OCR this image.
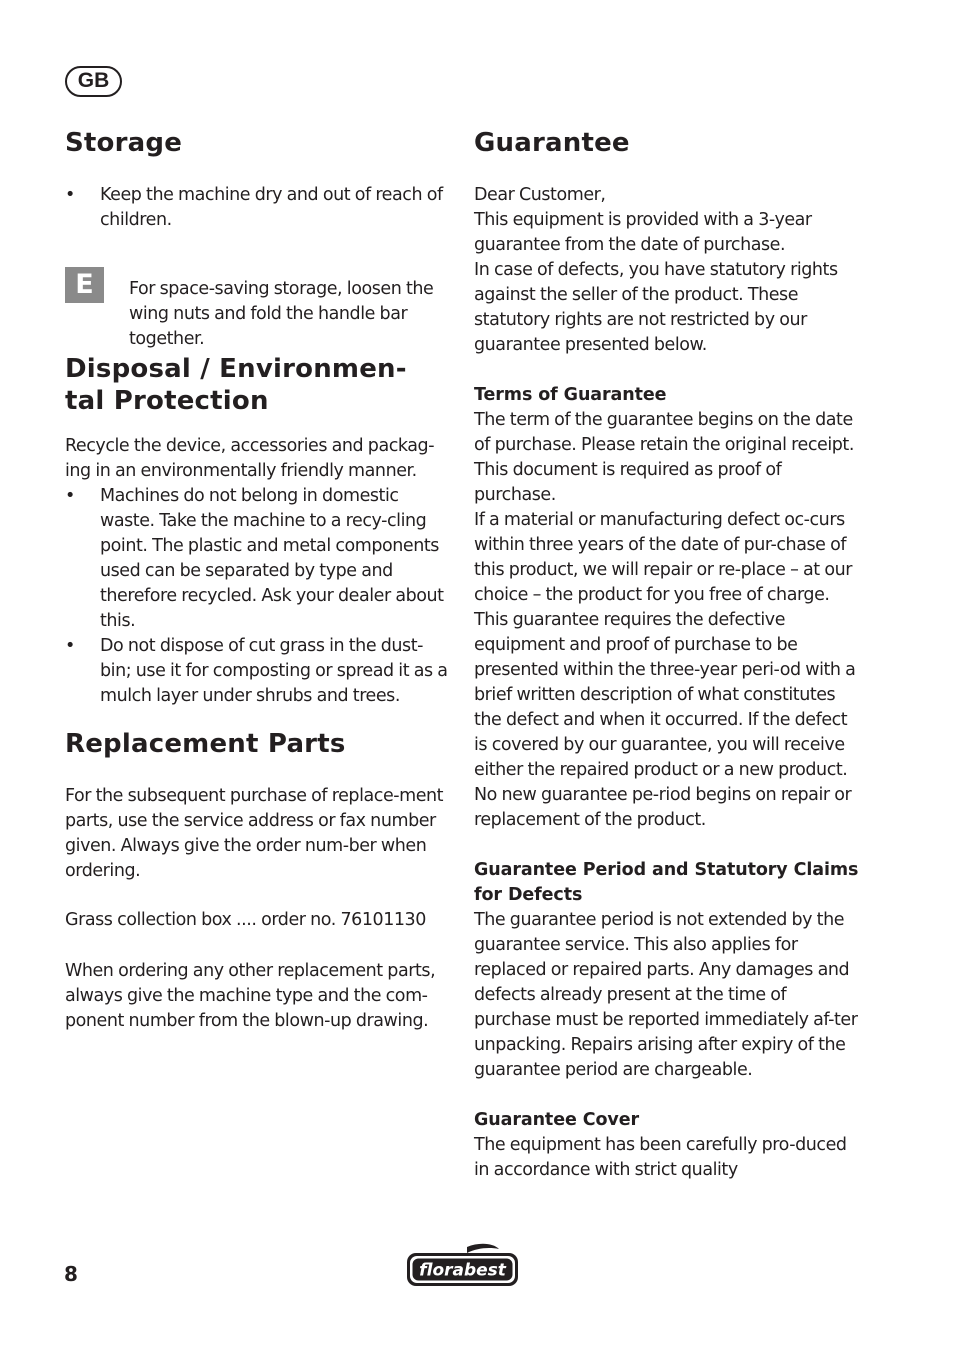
GB
Storage
• Keep the machine dry and out of reach of children.
E	For space-saving storage, loosen the wing nuts and fold the handle bar together.

Disposal / Environmen-
tal Protection

Recycle the device, accessories and packag-ing in an environmentally friendly manner.

• Machines do not belong in domestic waste. Take the machine to a recy-cling point. The plastic and metal components used can be separated by type and therefore recycled. Ask your dealer about this.
• Do not dispose of cut grass in the dust-bin; use it for composting or spread it as a mulch layer under shrubs and trees.
Replacement Parts

For the subsequent purchase of replace-ment parts, use the service address or fax number given. Always give the order num-ber when ordering.

Grass collection box .... order no. 76101130

When ordering any other replacement parts, always give the machine type and the com-ponent number from the blown-up drawing.

Guarantee

Dear Customer,
This equipment is provided with a 3-year guarantee from the date of purchase.
In case of defects, you have statutory rights against the seller of the product. These statutory rights are not restricted by our guarantee presented below.

Terms of Guarantee

The term of the guarantee begins on the date of purchase. Please retain the original receipt. This document is required as proof of purchase.
If a material or manufacturing defect oc-curs within three years of the date of pur-chase of this product, we will repair or re-place – at our choice – the product for you free of charge. This guarantee requires the defective equipment and proof of purchase to be presented within the three-year peri-od with a brief written description of what constitutes the defect and when it occurred. If the defect is covered by our guarantee, you will receive either the repaired product or a new product. No new guarantee pe-riod begins on repair or replacement of the product.

Guarantee Period and Statutory Claims for Defects

The guarantee period is not extended by the guarantee service. This also applies for replaced or repaired parts. Any damages and defects already present at the time of purchase must be reported immediately af-ter unpacking. Repairs arising after expiry of the guarantee period are chargeable.

Guarantee Cover

The equipment has been carefully pro-duced in accordance with strict quality

8	florabest
